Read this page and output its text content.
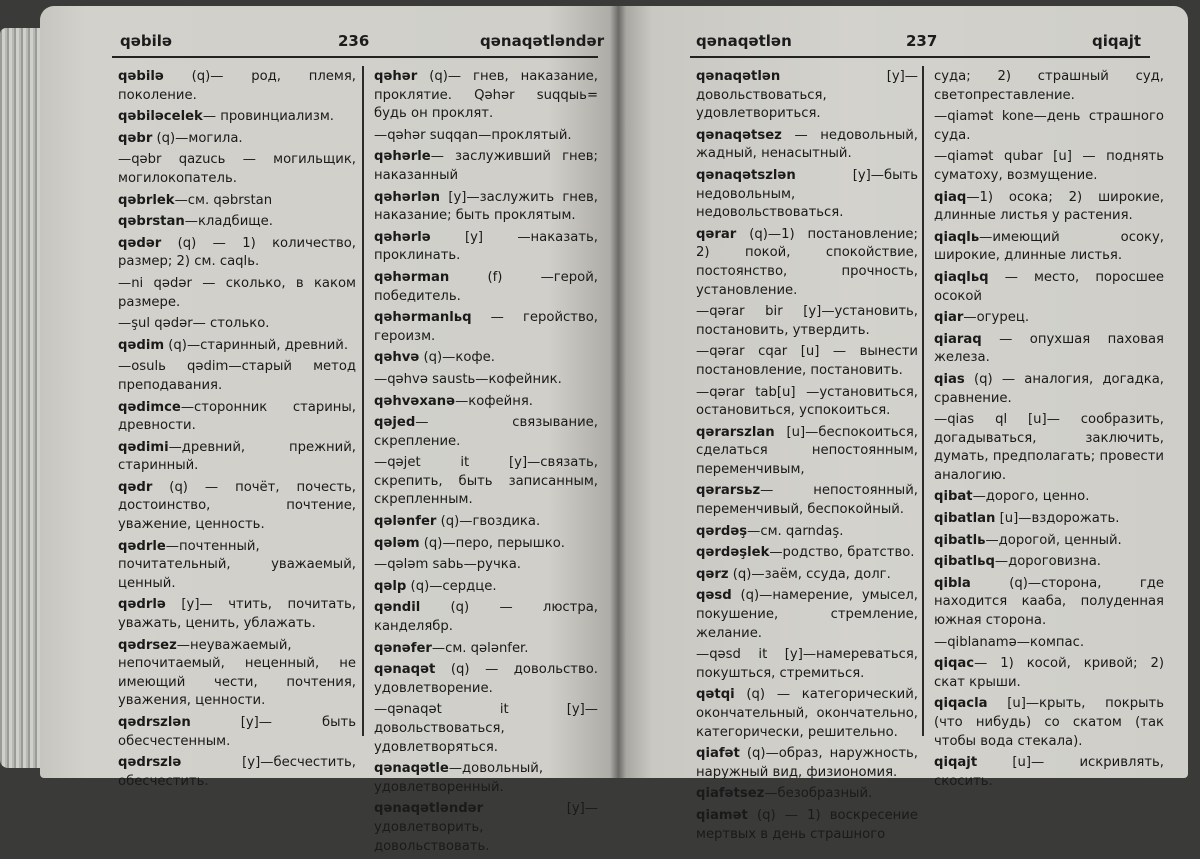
qəbilə	236	qənaqətləndər

qəbilə (q)— род, племя, поколение.

qəbiləcelek— провинциализм.

qəbr (q)—могила.

—qəbr qazucь — могильщик, могилокопатель.

qəbrlek—см. qəbrstan

qəbrstan—кладбище.

qədər (q) — 1) количество, размер; 2) см. caqlь.

—ni qədər — сколько, в каком размере.

—şul qədər— столько.

qədim (q)—старинный, древний.

—osulь qədim—старый метод преподавания.

qədimce—сторонник старины, древности.

qədimi—древний, прежний, старинный.

qədr (q) — почёт, почесть, достоинство, почтение, уважение, ценность.

qədrle—почтенный, почитательный, уважаемый, ценный.

qədrlə [y]— чтить, почитать, уважать, ценить, ублажать.

qədrsez—неуважаемый, непочитаемый, неценный, не имеющий чести, почтения, уважения, ценности.

qədrszlən [y]— быть обесчестенным.

qədrszlə [y]—бесчестить, обесчестить.

qəhər (q)— гнев, наказание, проклятие. Qəhər suqqыь= будь он проклят.

—qəhər suqqan—проклятый.

qəhərle— заслуживший гнев; наказанный

qəhərlən [y]—заслужить гнев, наказание; быть проклятым.

qəhərlə [y] —наказать, проклинать.

qəhərman (f) —герой, победитель.

qəhərmanlьq — геройство, героизм.

qəhvə (q)—кофе.

—qəhvə saustь—кофейник.

qəhvəxanə—кофейня.

qəjed— связывание, скрепление.

—qəjet it [y]—связать, скрепить, быть записанным, скрепленным.

qələnfer (q)—гвоздика.

qələm (q)—перо, перышко.

—qələm sabь—ручка.

qəlp (q)—сердце.

qəndil (q) — люстра, канделябр.

qənəfer—см. qələnfer.

qənaqət (q) — довольство. удовлетворение.

—qənaqət it [y]— довольствоваться, удовлетворяться.

qənaqətle—довольный, удовлетворенный.

qənaqətləndər [y]— удовлетворить, довольствовать.

qənaqətlən	237	qiqajt

qənaqətlən [y]— довольствоваться, удовлетвориться.

qənaqətsez — недовольный, жадный, ненасытный.

qənaqətszlən [y]—быть недовольным, недовольствоваться.

qərar (q)—1) постановление; 2) покой, спокойствие, постоянство, прочность, установление.

—qərar bir [y]—установить, постановить, утвердить.

—qərar cqar [u] — вынести постановление, постановить.

—qərar tab[u] —установиться, остановиться, успокоиться.

qərarszlan [u]—беспокоиться, сделаться непостоянным, переменчивым,

qərarsьz— непостоянный, переменчивый, беспокойный.

qərdəş—см. qarndaş.

qərdəşlek—родство, братство.

qərz (q)—заём, ссуда, долг.

qəsd (q)—намерение, умысел, покушение, стремление, желание.

—qəsd it [y]—намереваться, покушться, стремиться.

qətqi (q) — категорический, окончательный, окончательно, категорически, решительно.

qiafət (q)—образ, наружность, наружный вид, физиономия.

qiafətsez—безобразный.

qiamət (q) — 1) воскресение мертвых в день страшного

суда; 2) страшный суд, светопреставление.

—qiamət kone—день страшного суда.

—qiamət qubar [u] — поднять суматоху, возмущение.

qiaq—1) осока; 2) широкие, длинные листья у растения.

qiaqlь—имеющий осоку, широкие, длинные листья.

qiaqlьq — место, поросшее осокой

qiar—огурец.

qiaraq — опухшая паховая железа.

qias (q) — аналогия, догадка, сравнение.

—qias ql [u]— сообразить, догадываться, заключить, думать, предполагать; провести аналогию.

qibat—дорого, ценно.

qibatlan [u]—вздорожать.

qibatlь—дорогой, ценный.

qibatlьq—дороговизна.

qibla (q)—сторона, где находится кааба, полуденная южная сторона.

—qiblanamə—компас.

qiqac— 1) косой, кривой; 2) скат крыши.

qiqacla [u]—крыть, покрыть (что нибудь) со скатом (так чтобы вода стекала).

qiqajt [u]— искривлять, скосить.
